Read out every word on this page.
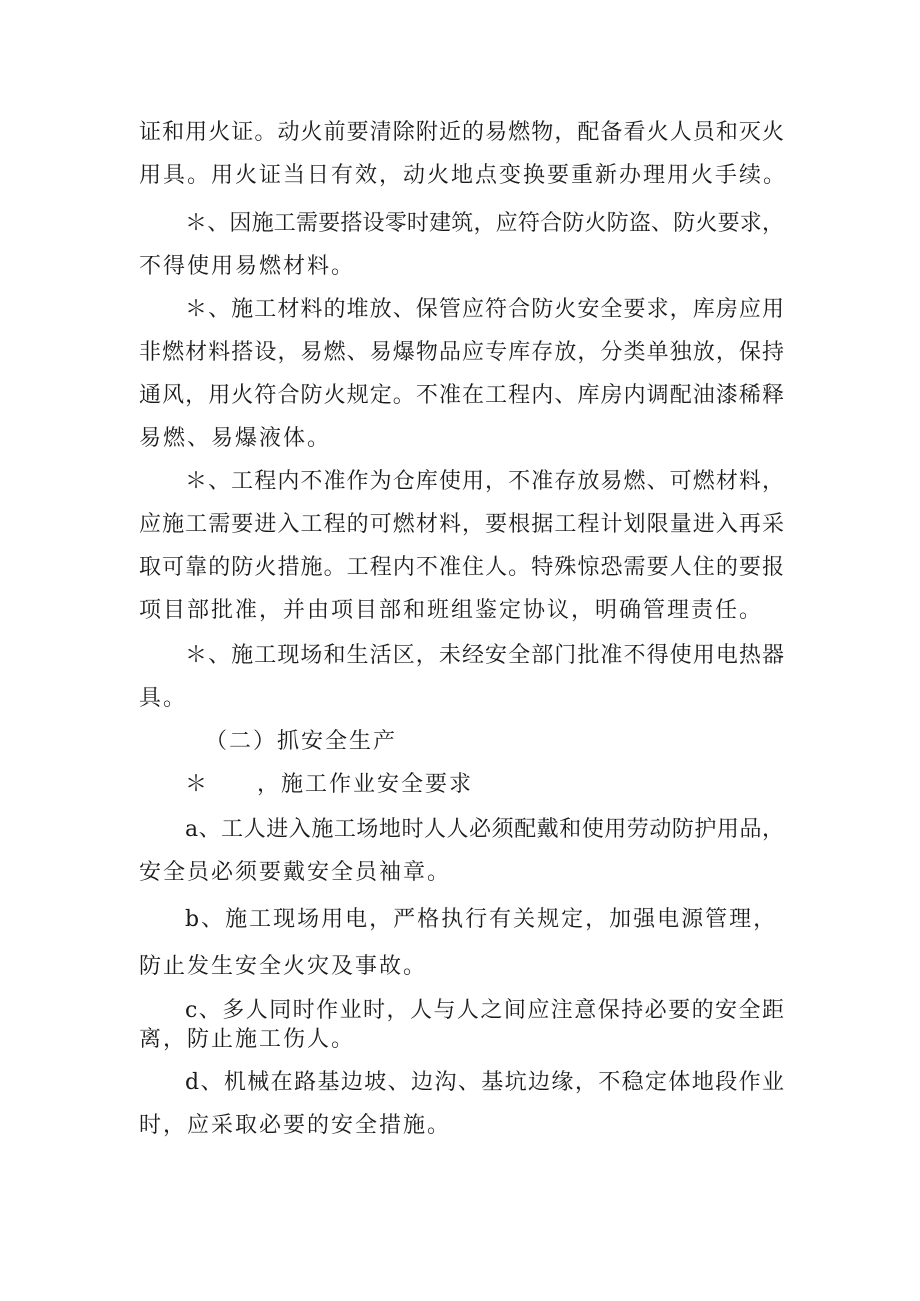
证和用火证。动火前要清除附近的易燃物，配备看火人员和灭火
用具。用火证当日有效，动火地点变换要重新办理用火手续。
＊、因施工需要搭设零时建筑，应符合防火防盗、防火要求，
不得使用易燃材料。
＊、施工材料的堆放、保管应符合防火安全要求，库房应用
非燃材料搭设，易燃、易爆物品应专库存放，分类单独放，保持
通风，用火符合防火规定。不准在工程内、库房内调配油漆稀释
易燃、易爆液体。
＊、工程内不准作为仓库使用，不准存放易燃、可燃材料，
应施工需要进入工程的可燃材料，要根据工程计划限量进入再采
取可靠的防火措施。工程内不准住人。特殊惊恐需要人住的要报
项目部批准，并由项目部和班组鉴定协议，明确管理责任。
＊、施工现场和生活区，未经安全部门批准不得使用电热器
具。
（二）抓安全生产
＊　　，施工作业安全要求
a、工人进入施工场地时人人必须配戴和使用劳动防护用品，
安全员必须要戴安全员袖章。
b、施工现场用电，严格执行有关规定，加强电源管理，
防止发生安全火灾及事故。
c、多人同时作业时，人与人之间应注意保持必要的安全距
离，防止施工伤人。
d、机械在路基边坡、边沟、基坑边缘，不稳定体地段作业
时，应采取必要的安全措施。
